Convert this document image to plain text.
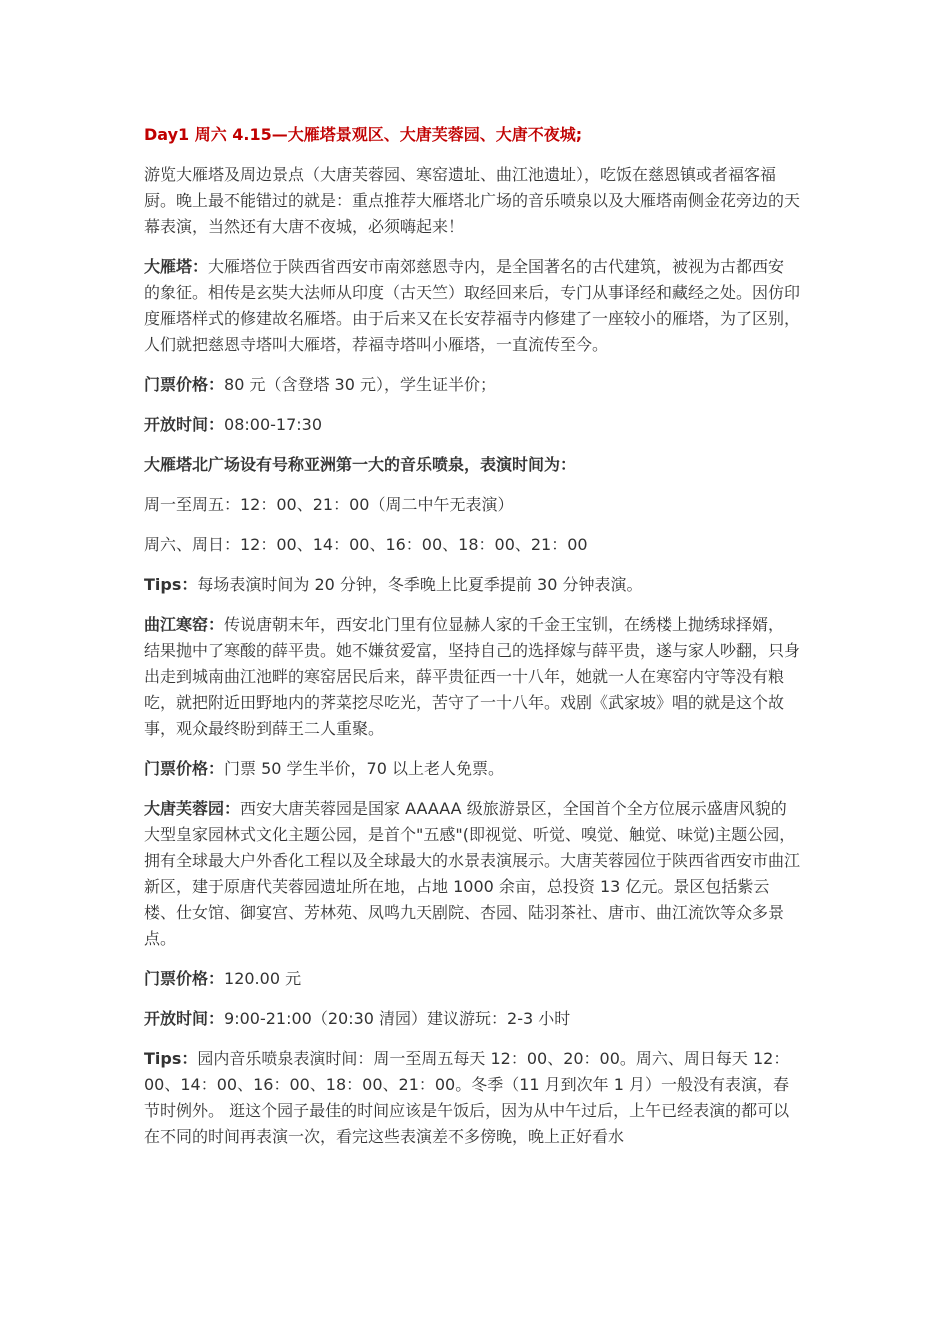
Day1 周六 4.15—大雁塔景观区、大唐芙蓉园、大唐不夜城;

游览大雁塔及周边景点（大唐芙蓉园、寒窑遗址、曲江池遗址），吃饭在慈恩镇或者福客福厨。晚上最不能错过的就是：重点推荐大雁塔北广场的音乐喷泉以及大雁塔南侧金花旁边的天幕表演，当然还有大唐不夜城，必须嗨起来！

大雁塔：大雁塔位于陕西省西安市南郊慈恩寺内，是全国著名的古代建筑，被视为古都西安的象征。相传是玄奘大法师从印度（古天竺）取经回来后，专门从事译经和藏经之处。因仿印度雁塔样式的修建故名雁塔。由于后来又在长安荐福寺内修建了一座较小的雁塔，为了区别，人们就把慈恩寺塔叫大雁塔，荐福寺塔叫小雁塔，一直流传至今。

门票价格：80 元（含登塔 30 元），学生证半价；

开放时间：08:00-17:30

大雁塔北广场设有号称亚洲第一大的音乐喷泉，表演时间为：

周一至周五：12：00、21：00（周二中午无表演）

周六、周日：12：00、14：00、16：00、18：00、21：00

Tips：每场表演时间为 20 分钟，冬季晚上比夏季提前 30 分钟表演。

曲江寒窑：传说唐朝末年，西安北门里有位显赫人家的千金王宝钏，在绣楼上抛绣球择婿，结果抛中了寒酸的薛平贵。她不嫌贫爱富，坚持自己的选择嫁与薛平贵，遂与家人吵翻，只身出走到城南曲江池畔的寒窑居民后来，薛平贵征西一十八年，她就一人在寒窑内守等没有粮吃，就把附近田野地内的荠菜挖尽吃光，苦守了一十八年。戏剧《武家坡》唱的就是这个故事，观众最终盼到薛王二人重聚。

门票价格：门票 50 学生半价，70 以上老人免票。

大唐芙蓉园：西安大唐芙蓉园是国家 AAAAA 级旅游景区，全国首个全方位展示盛唐风貌的大型皇家园林式文化主题公园，是首个"五感"(即视觉、听觉、嗅觉、触觉、味觉)主题公园，拥有全球最大户外香化工程以及全球最大的水景表演展示。大唐芙蓉园位于陕西省西安市曲江新区，建于原唐代芙蓉园遗址所在地，占地 1000 余亩，总投资 13 亿元。景区包括紫云楼、仕女馆、御宴宫、芳林苑、凤鸣九天剧院、杏园、陆羽茶社、唐市、曲江流饮等众多景点。

门票价格：120.00 元

开放时间：9:00-21:00（20:30 清园）建议游玩：2-3 小时

Tips：园内音乐喷泉表演时间：周一至周五每天 12：00、20：00。周六、周日每天 12：00、14：00、16：00、18：00、21：00。冬季（11 月到次年 1 月）一般没有表演，春节时例外。 逛这个园子最佳的时间应该是午饭后，因为从中午过后，上午已经表演的都可以在不同的时间再表演一次，看完这些表演差不多傍晚，晚上正好看水
